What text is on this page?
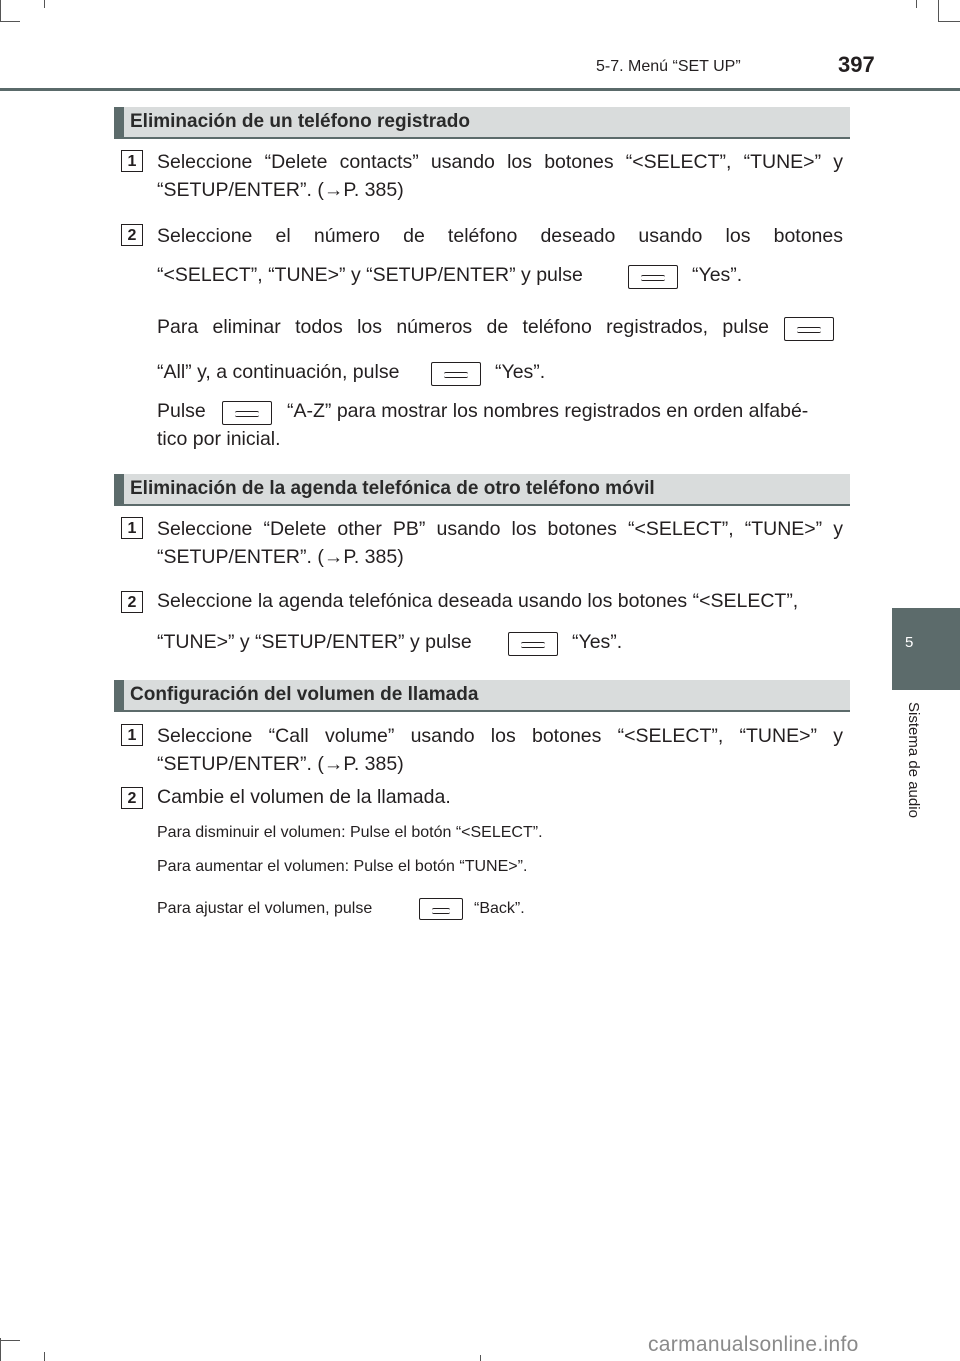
5-7. Menú “SET UP”	397
5
Sistema de audio
Eliminación de un teléfono registrado
1	Seleccione “Delete contacts” usando los botones “<SELECT”, “TUNE>” y “SETUP/ENTER”. (→P. 385)
2	Seleccione el número de teléfono deseado usando los botones
“<SELECT”, “TUNE>” y “SETUP/ENTER” y pulse	“Yes”.
Para eliminar todos los números de teléfono registrados, pulse
“All” y, a continuación, pulse	“Yes”.
Pulse	“A-Z” para mostrar los nombres registrados en orden alfabé-
tico por inicial.
Eliminación de la agenda telefónica de otro teléfono móvil
1	Seleccione “Delete other PB” usando los botones “<SELECT”, “TUNE>” y “SETUP/ENTER”. (→P. 385)
2	Seleccione la agenda telefónica deseada usando los botones “<SELECT”,
“TUNE>” y “SETUP/ENTER” y pulse	“Yes”.
Configuración del volumen de llamada
1	Seleccione “Call volume” usando los botones “<SELECT”, “TUNE>” y “SETUP/ENTER”. (→P. 385)
2	Cambie el volumen de la llamada.
Para disminuir el volumen: Pulse el botón “<SELECT”.
Para aumentar el volumen: Pulse el botón “TUNE>”.
Para ajustar el volumen, pulse	“Back”.
carmanualsonline.info
